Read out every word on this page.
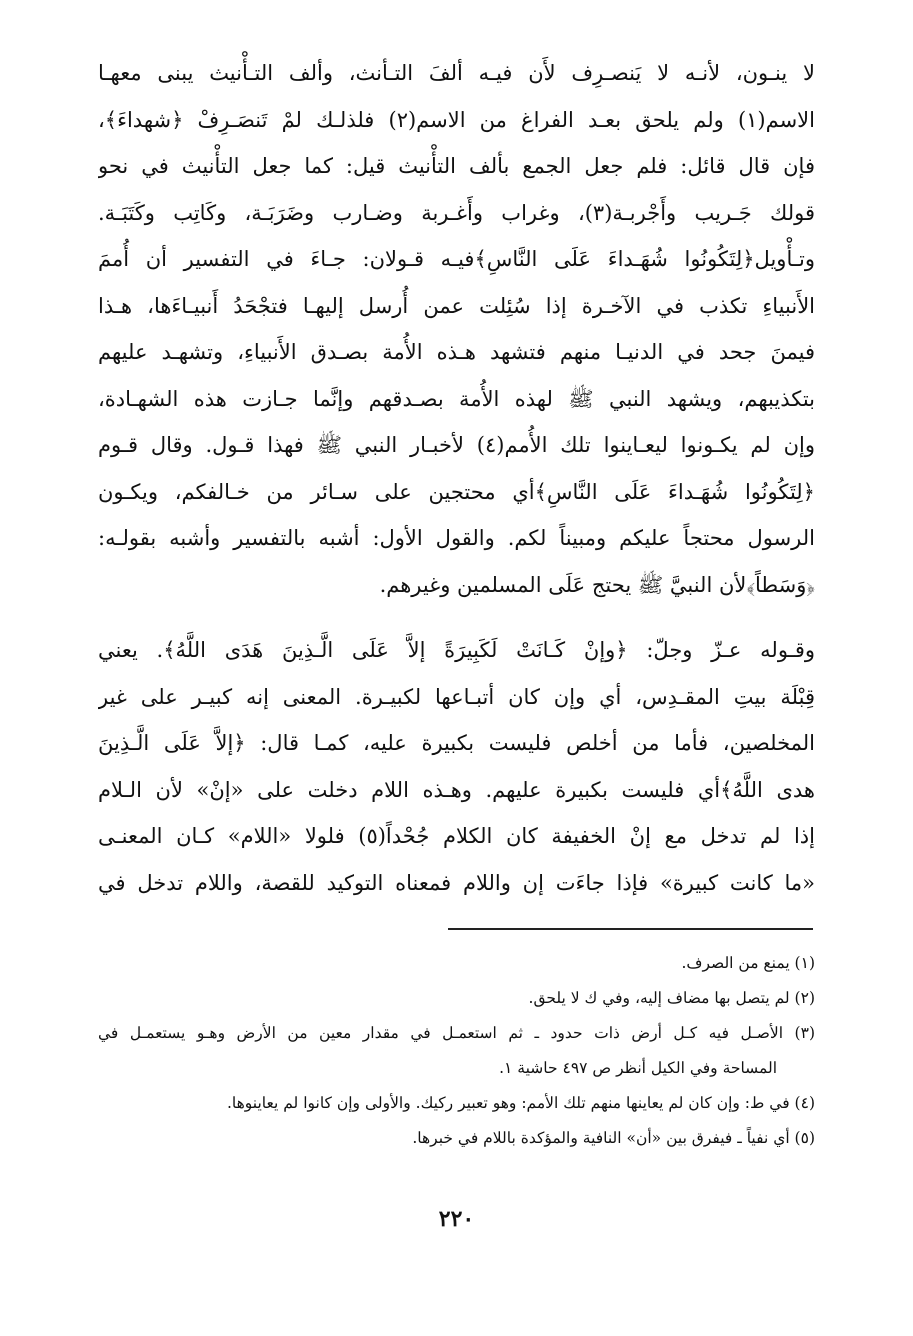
لا ينـون، لأنـه لا يَنصـرِف لأَن فيـه ألفَ التـأنث، وألف التـأْنيث يبنى معهـا
الاسم(١) ولم يلحق بعـد الفراغ من الاسم(٢) فلذلـك لمْ تَنصَـرِفْ ﴿شهداءَ﴾،
فإن قال قائل: فلم جعل الجمع بألف التأْنيث قيل: كما جعل التأْنيث في نحو
قولك جَـريب وأَجْربـة(٣)، وغراب وأَغـربة وضـارب وضَرَبَـة، وكَاتِب وكَتَبَـة.
وتـأْويل﴿لِتَكُونُوا شُهَـداءَ عَلَى النَّاسِ﴾فيـه قـولان: جـاءَ في التفسير أن أُممَ
الأَنبياءِ تكذب في الآخـرة إذا سُئِلت عمن أُرسل إليهـا فتجْحَدُ أَنبيـاءَها، هـذا
فيمنَ جحد في الدنيـا منهم فتشهد هـذه الأُمة بصـدق الأَنبياءِ، وتشهـد عليهم
بتكذيبهم، ويشهد النبي ﷺ لهذه الأُمة بصـدقهم وإنَّما جـازت هذه الشهـادة،
وإن لم يكـونوا ليعـاينوا تلك الأُمم(٤) لأخبـار النبي ﷺ فهذا قـول. وقال قـوم
﴿لِتَكُونُوا شُهَـداءَ عَلَى النَّاسِ﴾أي محتجين على سـائر من خـالفكم، ويكـون
الرسول محتجاً عليكم ومبيناً لكم. والقول الأول: أشبه بالتفسير وأشبه بقولـه:
﴿وَسَطاً﴾لأن النبيَّ ﷺ يحتج عَلَى المسلمين وغيرهم.
وقـوله عـزّ وجلّ: ﴿وإنْ كَـانَتْ لَكَبِيرَةً إلاَّ عَلَى الَّـذِينَ هَدَى اللَّهُ﴾. يعني
قِبْلَة بيتِ المقـدِس، أي وإن كان أتبـاعها لكبيـرة. المعنى إنه كبيـر على غير
المخلصين، فأما من أخلص فليست بكبيرة عليه، كمـا قال: ﴿إلاَّ عَلَى الَّـذِينَ
هدى اللَّهُ﴾أي فليست بكبيرة عليهم. وهـذه اللام دخلت على «إنْ» لأن الـلام
إذا لم تدخل مع إنْ الخفيفة كان الكلام جُحْداً(٥) فلولا «اللام» كـان المعنـى
«ما كانت كبيرة» فإذا جاءَت إن واللام فمعناه التوكيد للقصة، واللام تدخل في
(١) يمنع من الصرف.
(٢) لم يتصل بها مضاف إليه، وفي ك لا يلحق.
(٣) الأصـل فيه كـل أرض ذات حدود ـ ثم استعمـل في مقدار معين من الأرض وهـو يستعمـل في
المساحة وفي الكيل أنظر ص ٤٩٧ حاشية ١.
(٤) في ط: وإن كان لم يعاينها منهم تلك الأمم: وهو تعبير ركيك. والأولى وإن كانوا لم يعاينوها.
(٥) أي نفياً ـ فيفرق بين «أن» النافية والمؤكدة باللام في خبرها.
٢٢٠
